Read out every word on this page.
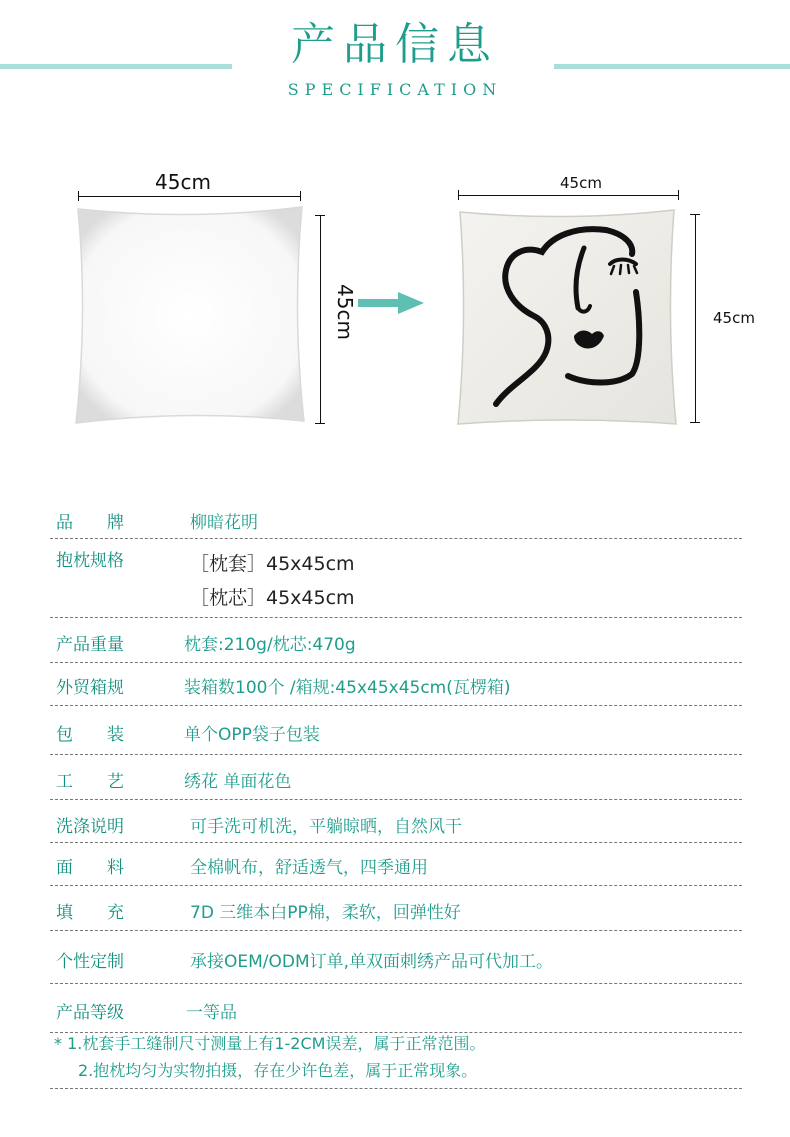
产品信息
SPECIFICATION
45cm
45cm
45cm
45cm
品　　牌	柳暗花明
抱枕规格	［枕套］45x45cm
［枕芯］45x45cm
产品重量	枕套:210g/枕芯:470g
外贸箱规	装箱数100个 /箱规:45x45x45cm(瓦楞箱)
包　　装	单个OPP袋子包装
工　　艺	绣花 单面花色
洗涤说明	可手洗可机洗，平躺晾晒，自然风干
面　　料	全棉帆布，舒适透气，四季通用
填　　充	7D 三维本白PP棉，柔软，回弹性好
个性定制	承接OEM/ODM订单,单双面刺绣产品可代加工。
产品等级	一等品
* 1.枕套手工缝制尺寸测量上有1-2CM误差，属于正常范围。
2.抱枕均匀为实物拍摄，存在少许色差，属于正常现象。
